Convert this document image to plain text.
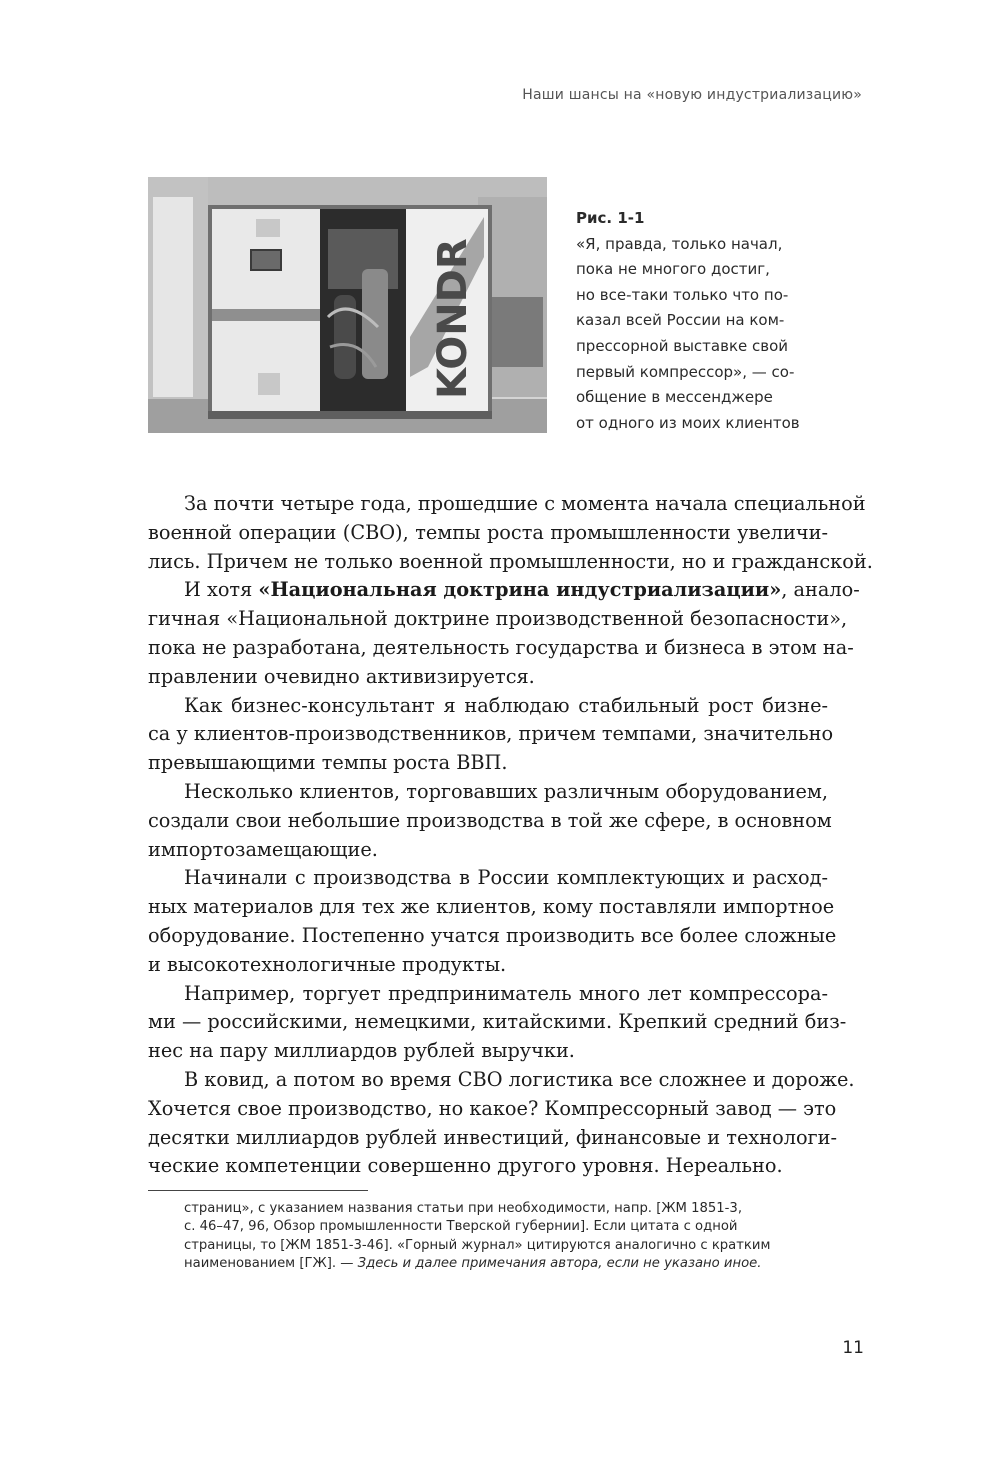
Наши шансы на «новую индустриализацию»
KONDR
Рис. 1-1
«Я, правда, только начал,
пока не многого достиг,
но все-таки только что по-
казал всей России на ком-
прессорной выставке свой
первый компрессор», — со-
общение в мессенджере
от одного из моих клиентов
За почти четыре года, прошедшие с момента начала специальной
военной операции (СВО), темпы роста промышленности увеличи-
лись. Причем не только военной промышленности, но и гражданской.
И хотя «Национальная доктрина индустриализации», анало-
гичная «Национальной доктрине производственной безопасности»,
пока не разработана, деятельность государства и бизнеса в этом на-
правлении очевидно активизируется.
Как бизнес-консультант я наблюдаю стабильный рост бизне-
са у клиентов-производственников, причем темпами, значительно
превышающими темпы роста ВВП.
Несколько клиентов, торговавших различным оборудованием,
создали свои небольшие производства в той же сфере, в основном
импортозамещающие.
Начинали с производства в России комплектующих и расход-
ных материалов для тех же клиентов, кому поставляли импортное
оборудование. Постепенно учатся производить все более сложные
и высокотехнологичные продукты.
Например, торгует предприниматель много лет компрессора-
ми — российскими, немецкими, китайскими. Крепкий средний биз-
нес на пару миллиардов рублей выручки.
В ковид, а потом во время СВО логистика все сложнее и дороже.
Хочется свое производство, но какое? Компрессорный завод — это
десятки миллиардов рублей инвестиций, финансовые и технологи-
ческие компетенции совершенно другого уровня. Нереально.
страниц», с указанием названия статьи при необходимости, напр. [ЖМ 1851-3,
с. 46–47, 96, Обзор промышленности Тверской губернии]. Если цитата с одной
страницы, то [ЖМ 1851-3-46]. «Горный журнал» цитируются аналогично с кратким
наименованием [ГЖ]. — Здесь и далее примечания автора, если не указано иное.
11
